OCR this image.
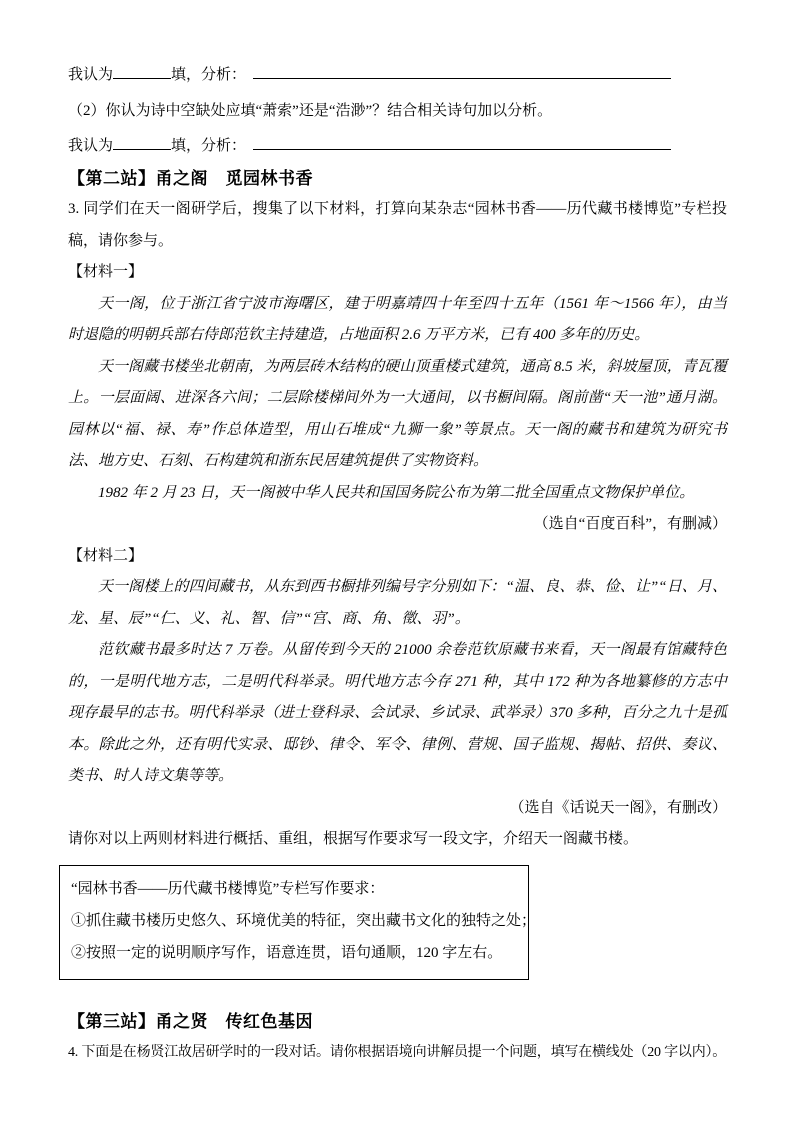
我认为	填，分析：

（2）你认为诗中空缺处应填“萧索”还是“浩渺”？结合相关诗句加以分析。

我认为	填，分析：

【第二站】甬之阁　觅园林书香

3. 同学们在天一阁研学后，搜集了以下材料，打算向某杂志“园林书香——历代藏书楼博览”专栏投稿，请你参与。

【材料一】

天一阁，位于浙江省宁波市海曙区，建于明嘉靖四十年至四十五年（1561 年～1566 年），由当时退隐的明朝兵部右侍郎范钦主持建造，占地面积 2.6 万平方米，已有 400 多年的历史。

天一阁藏书楼坐北朝南，为两层砖木结构的硬山顶重楼式建筑，通高 8.5 米，斜坡屋顶，青瓦覆上。一层面阔、进深各六间；二层除楼梯间外为一大通间，以书橱间隔。阁前凿“天一池”通月湖。园林以“福、禄、寿”作总体造型，用山石堆成“九狮一象”等景点。天一阁的藏书和建筑为研究书法、地方史、石刻、石构建筑和浙东民居建筑提供了实物资料。

1982 年 2 月 23 日，天一阁被中华人民共和国国务院公布为第二批全国重点文物保护单位。

（选自“百度百科”，有删减）

【材料二】

天一阁楼上的四间藏书，从东到西书橱排列编号字分别如下：“温、良、恭、俭、让”“日、月、龙、星、辰”“仁、义、礼、智、信”“宫、商、角、徵、羽”。

范钦藏书最多时达 7 万卷。从留传到今天的 21000 余卷范钦原藏书来看，天一阁最有馆藏特色的，一是明代地方志，二是明代科举录。明代地方志今存 271 种，其中 172 种为各地纂修的方志中现存最早的志书。明代科举录（进士登科录、会试录、乡试录、武举录）370 多种，百分之九十是孤本。除此之外，还有明代实录、邸钞、律令、军令、律例、营规、国子监规、揭帖、招供、奏议、类书、时人诗文集等等。

（选自《话说天一阁》，有删改）

请你对以上两则材料进行概括、重组，根据写作要求写一段文字，介绍天一阁藏书楼。

“园林书香——历代藏书楼博览”专栏写作要求：

①抓住藏书楼历史悠久、环境优美的特征，突出藏书文化的独特之处；

②按照一定的说明顺序写作，语意连贯，语句通顺，120 字左右。

【第三站】甬之贤　传红色基因

4. 下面是在杨贤江故居研学时的一段对话。请你根据语境向讲解员提一个问题，填写在横线处（20 字以内）。
